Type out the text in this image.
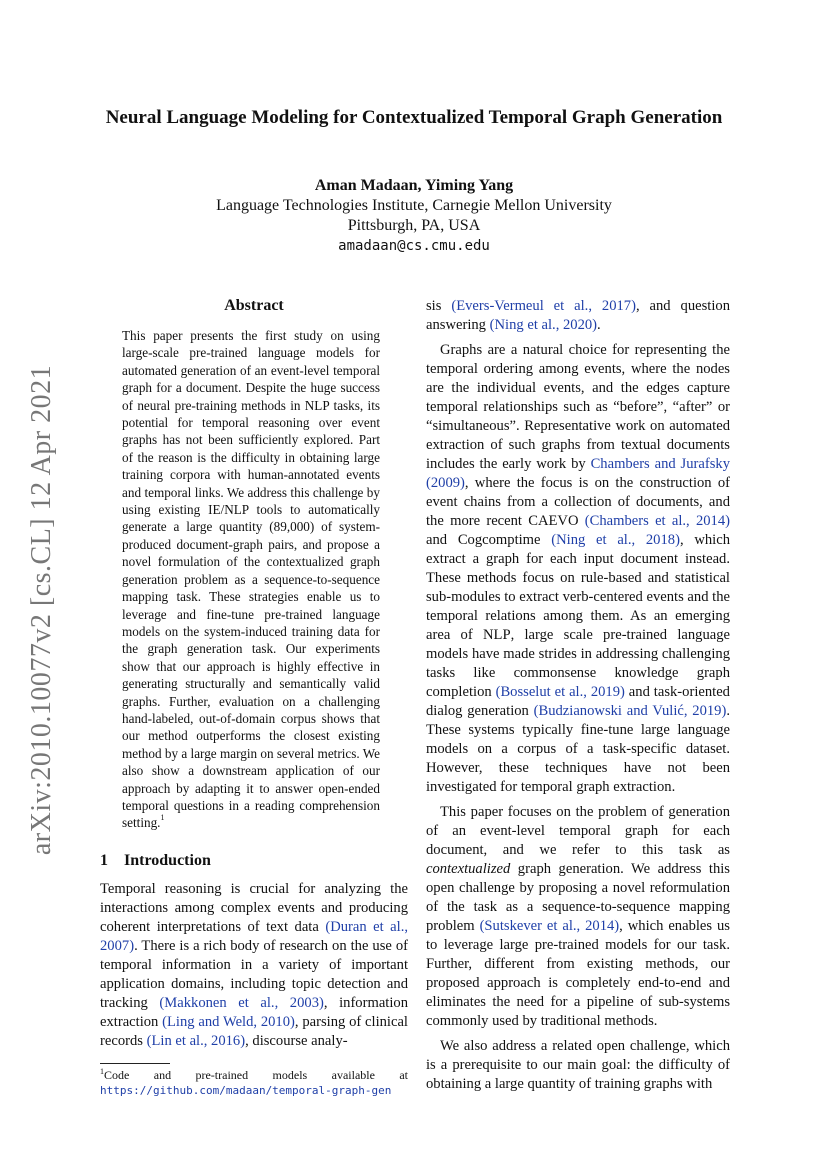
arXiv:2010.10077v2 [cs.CL] 12 Apr 2021
Neural Language Modeling for Contextualized Temporal Graph Generation
Aman Madaan, Yiming Yang
Language Technologies Institute, Carnegie Mellon University
Pittsburgh, PA, USA
amadaan@cs.cmu.edu
Abstract

This paper presents the first study on using large-scale pre-trained language models for automated generation of an event-level temporal graph for a document. Despite the huge success of neural pre-training methods in NLP tasks, its potential for temporal reasoning over event graphs has not been sufficiently explored. Part of the reason is the difficulty in obtaining large training corpora with human-annotated events and temporal links. We address this challenge by using existing IE/NLP tools to automatically generate a large quantity (89,000) of system-produced document-graph pairs, and propose a novel formulation of the contextualized graph generation problem as a sequence-to-sequence mapping task. These strategies enable us to leverage and fine-tune pre-trained language models on the system-induced training data for the graph generation task. Our experiments show that our approach is highly effective in generating structurally and semantically valid graphs. Further, evaluation on a challenging hand-labeled, out-of-domain corpus shows that our method outperforms the closest existing method by a large margin on several metrics. We also show a downstream application of our approach by adapting it to answer open-ended temporal questions in a reading comprehension setting.$^1$

1 Introduction

Temporal reasoning is crucial for analyzing the interactions among complex events and producing coherent interpretations of text data (Duran et al., 2007). There is a rich body of research on the use of temporal information in a variety of important application domains, including topic detection and tracking (Makkonen et al., 2003), information extraction (Ling and Weld, 2010), parsing of clinical records (Lin et al., 2016), discourse analy-

$^1$Code and pre-trained models available at https://github.com/madaan/temporal-graph-gen

sis (Evers-Vermeul et al., 2017), and question answering (Ning et al., 2020).

Graphs are a natural choice for representing the temporal ordering among events, where the nodes are the individual events, and the edges capture temporal relationships such as “before”, “after” or “simultaneous”. Representative work on automated extraction of such graphs from textual documents includes the early work by Chambers and Jurafsky (2009), where the focus is on the construction of event chains from a collection of documents, and the more recent CAEVO (Chambers et al., 2014) and Cogcomptime (Ning et al., 2018), which extract a graph for each input document instead. These methods focus on rule-based and statistical sub-modules to extract verb-centered events and the temporal relations among them. As an emerging area of NLP, large scale pre-trained language models have made strides in addressing challenging tasks like commonsense knowledge graph completion (Bosselut et al., 2019) and task-oriented dialog generation (Budzianowski and Vulić, 2019). These systems typically fine-tune large language models on a corpus of a task-specific dataset. However, these techniques have not been investigated for temporal graph extraction.

This paper focuses on the problem of generation of an event-level temporal graph for each document, and we refer to this task as contextualized graph generation. We address this open challenge by proposing a novel reformulation of the task as a sequence-to-sequence mapping problem (Sutskever et al., 2014), which enables us to leverage large pre-trained models for our task. Further, different from existing methods, our proposed approach is completely end-to-end and eliminates the need for a pipeline of sub-systems commonly used by traditional methods.

We also address a related open challenge, which is a prerequisite to our main goal: the difficulty of obtaining a large quantity of training graphs with
